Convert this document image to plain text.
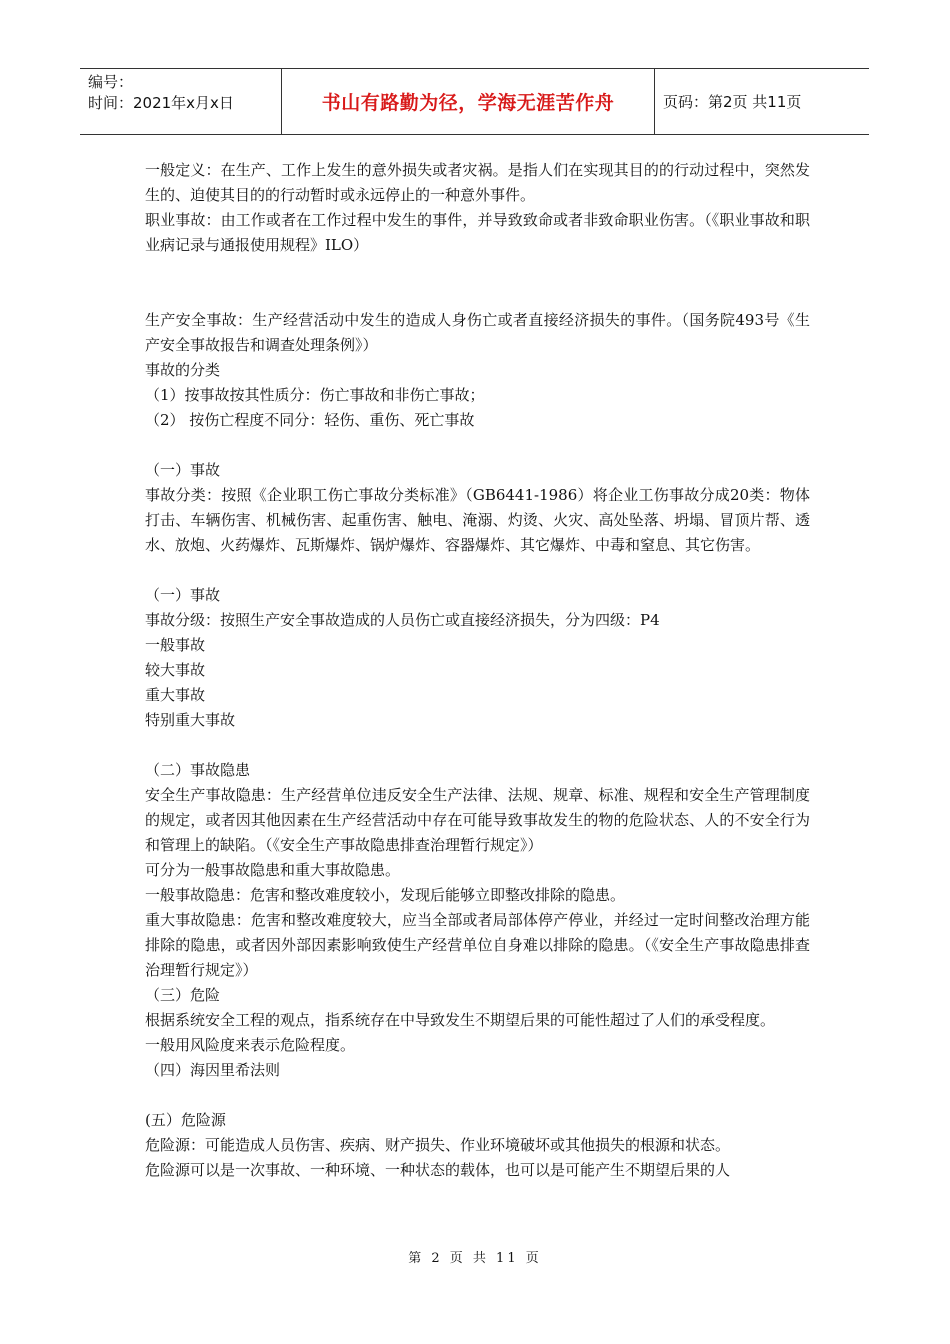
编号：
时间：2021年x月x日	书山有路勤为径，学海无涯苦作舟	页码：第2页 共11页

一般定义：在生产、工作上发生的意外损失或者灾祸。是指人们在实现其目的的行动过程中，突然发生的、迫使其目的的行动暂时或永远停止的一种意外事件。

职业事故：由工作或者在工作过程中发生的事件，并导致致命或者非致命职业伤害。（《职业事故和职业病记录与通报使用规程》ILO）

生产安全事故：生产经营活动中发生的造成人身伤亡或者直接经济损失的事件。（国务院493号《生产安全事故报告和调查处理条例》）

事故的分类

（1）按事故按其性质分：伤亡事故和非伤亡事故；

（2） 按伤亡程度不同分：轻伤、重伤、死亡事故

（一）事故

事故分类：按照《企业职工伤亡事故分类标准》（GB6441-1986）将企业工伤事故分成20类：物体打击、车辆伤害、机械伤害、起重伤害、触电、淹溺、灼烫、火灾、高处坠落、坍塌、冒顶片帮、透水、放炮、火药爆炸、瓦斯爆炸、锅炉爆炸、容器爆炸、其它爆炸、中毒和窒息、其它伤害。

（一）事故

事故分级：按照生产安全事故造成的人员伤亡或直接经济损失，分为四级：P4

一般事故

较大事故

重大事故

特别重大事故

（二）事故隐患

安全生产事故隐患：生产经营单位违反安全生产法律、法规、规章、标准、规程和安全生产管理制度的规定，或者因其他因素在生产经营活动中存在可能导致事故发生的物的危险状态、人的不安全行为和管理上的缺陷。（《安全生产事故隐患排查治理暂行规定》）

可分为一般事故隐患和重大事故隐患。

一般事故隐患：危害和整改难度较小，发现后能够立即整改排除的隐患。

重大事故隐患：危害和整改难度较大，应当全部或者局部体停产停业，并经过一定时间整改治理方能排除的隐患，或者因外部因素影响致使生产经营单位自身难以排除的隐患。（《安全生产事故隐患排查治理暂行规定》）

（三）危险

根据系统安全工程的观点，指系统存在中导致发生不期望后果的可能性超过了人们的承受程度。

一般用风险度来表示危险程度。

（四）海因里希法则

(五）危险源

危险源：可能造成人员伤害、疾病、财产损失、作业环境破坏或其他损失的根源和状态。

危险源可以是一次事故、一种环境、一种状态的载体，也可以是可能产生不期望后果的人

第 2 页 共 11 页
